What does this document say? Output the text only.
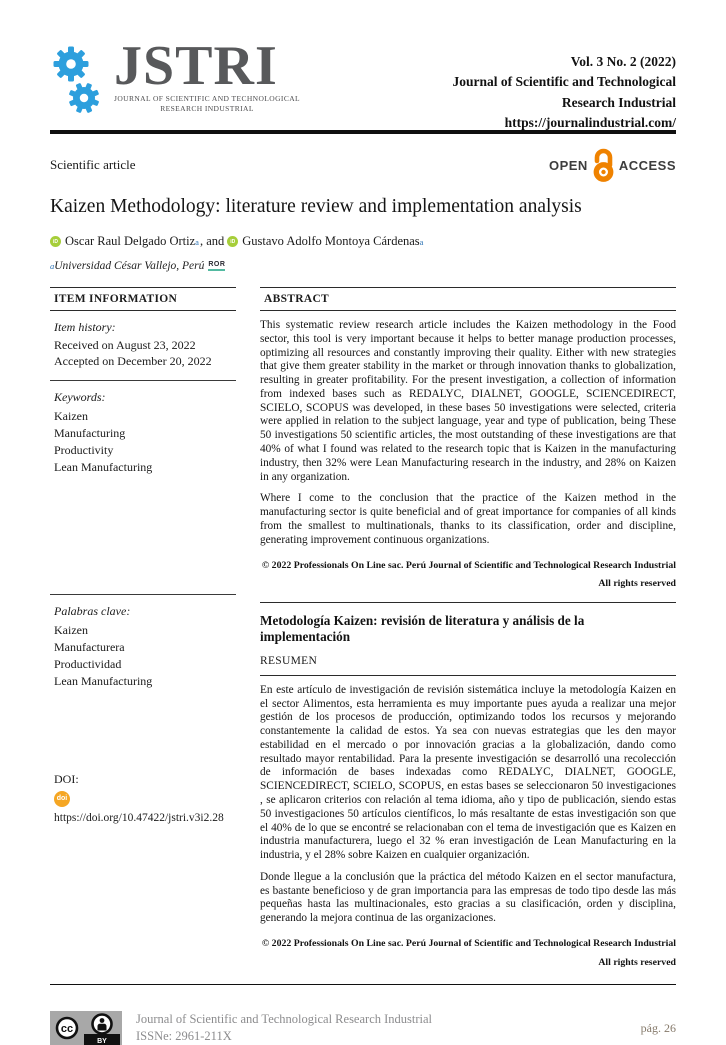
JSTRI
JOURNAL OF SCIENTIFIC AND TECHNOLOGICAL
RESEARCH INDUSTRIAL
Vol. 3 No. 2 (2022)
Journal of Scientific and Technological
Research Industrial
https://journalindustrial.com/
Scientific article	OPEN ACCESS
Kaizen Methodology: literature review and implementation analysis
iD Oscar Raul Delgado Ortiz a , and	iD Gustavo Adolfo Montoya Cárdenas a
a Universidad César Vallejo, Perú ROR
ITEM INFORMATION
Item history:
Received on August 23, 2022
Accepted on December 20, 2022
Keywords:
Kaizen
Manufacturing
Productivity
Lean Manufacturing
Palabras clave:
Kaizen
Manufacturera
Productividad
Lean Manufacturing
DOI:
doi
https://doi.org/10.47422/jstri.v3i2.28
ABSTRACT

This systematic review research article includes the Kaizen methodology in the Food sector, this tool is very important because it helps to better manage production processes, optimizing all resources and constantly improving their quality. Either with new strategies that give them greater stability in the market or through innovation thanks to globalization, resulting in greater profitability. For the present investigation, a collection of information from indexed bases such as REDALYC, DIALNET, GOOGLE, SCIENCEDIRECT, SCIELO, SCOPUS was developed, in these bases 50 investigations were selected, criteria were applied in relation to the subject language, year and type of publication, being These 50 investigations 50 scientific articles, the most outstanding of these investigations are that 40% of what I found was related to the research topic that is Kaizen in the manufacturing industry, then 32% were Lean Manufacturing research in the industry, and 28% on Kaizen in any organization.

Where I come to the conclusion that the practice of the Kaizen method in the manufacturing sector is quite beneficial and of great importance for companies of all kinds from the smallest to multinationals, thanks to its classification, order and discipline, generating improvement continuous organizations.

© 2022 Professionals On Line sac. Perú Journal of Scientific and Technological Research Industrial
All rights reserved
Metodología Kaizen: revisión de literatura y análisis de la implementación
RESUMEN

En este artículo de investigación de revisión sistemática incluye la metodología Kaizen en el sector Alimentos, esta herramienta es muy importante pues ayuda a realizar una mejor gestión de los procesos de producción, optimizando todos los recursos y mejorando constantemente la calidad de estos. Ya sea con nuevas estrategias que les den mayor estabilidad en el mercado o por innovación gracias a la globalización, dando como resultado mayor rentabilidad. Para la presente investigación se desarrolló una recolección de información de bases indexadas como REDALYC, DIALNET, GOOGLE, SCIENCEDIRECT, SCIELO, SCOPUS, en estas bases se seleccionaron 50 investigaciones , se aplicaron criterios con relación al tema idioma, año y tipo de publicación, siendo estas 50 investigaciones 50 artículos científicos, lo más resaltante de estas investigación son que el 40% de lo que se encontré se relacionaban con el tema de investigación que es Kaizen en industria manufacturera, luego el 32 % eran investigación de Lean Manufacturing en la industria, y el 28% sobre Kaizen en cualquier organización.

Donde llegue a la conclusión que la práctica del método Kaizen en el sector manufactura, es bastante beneficioso y de gran importancia para las empresas de todo tipo desde las más pequeñas hasta las multinacionales, esto gracias a su clasificación, orden y disciplina, generando la mejora continua de las organizaciones.

© 2022 Professionals On Line sac. Perú Journal of Scientific and Technological Research Industrial
All rights reserved
cc
BY
Journal of Scientific and Technological Research Industrial
ISSNe: 2961-211X
pág. 26
